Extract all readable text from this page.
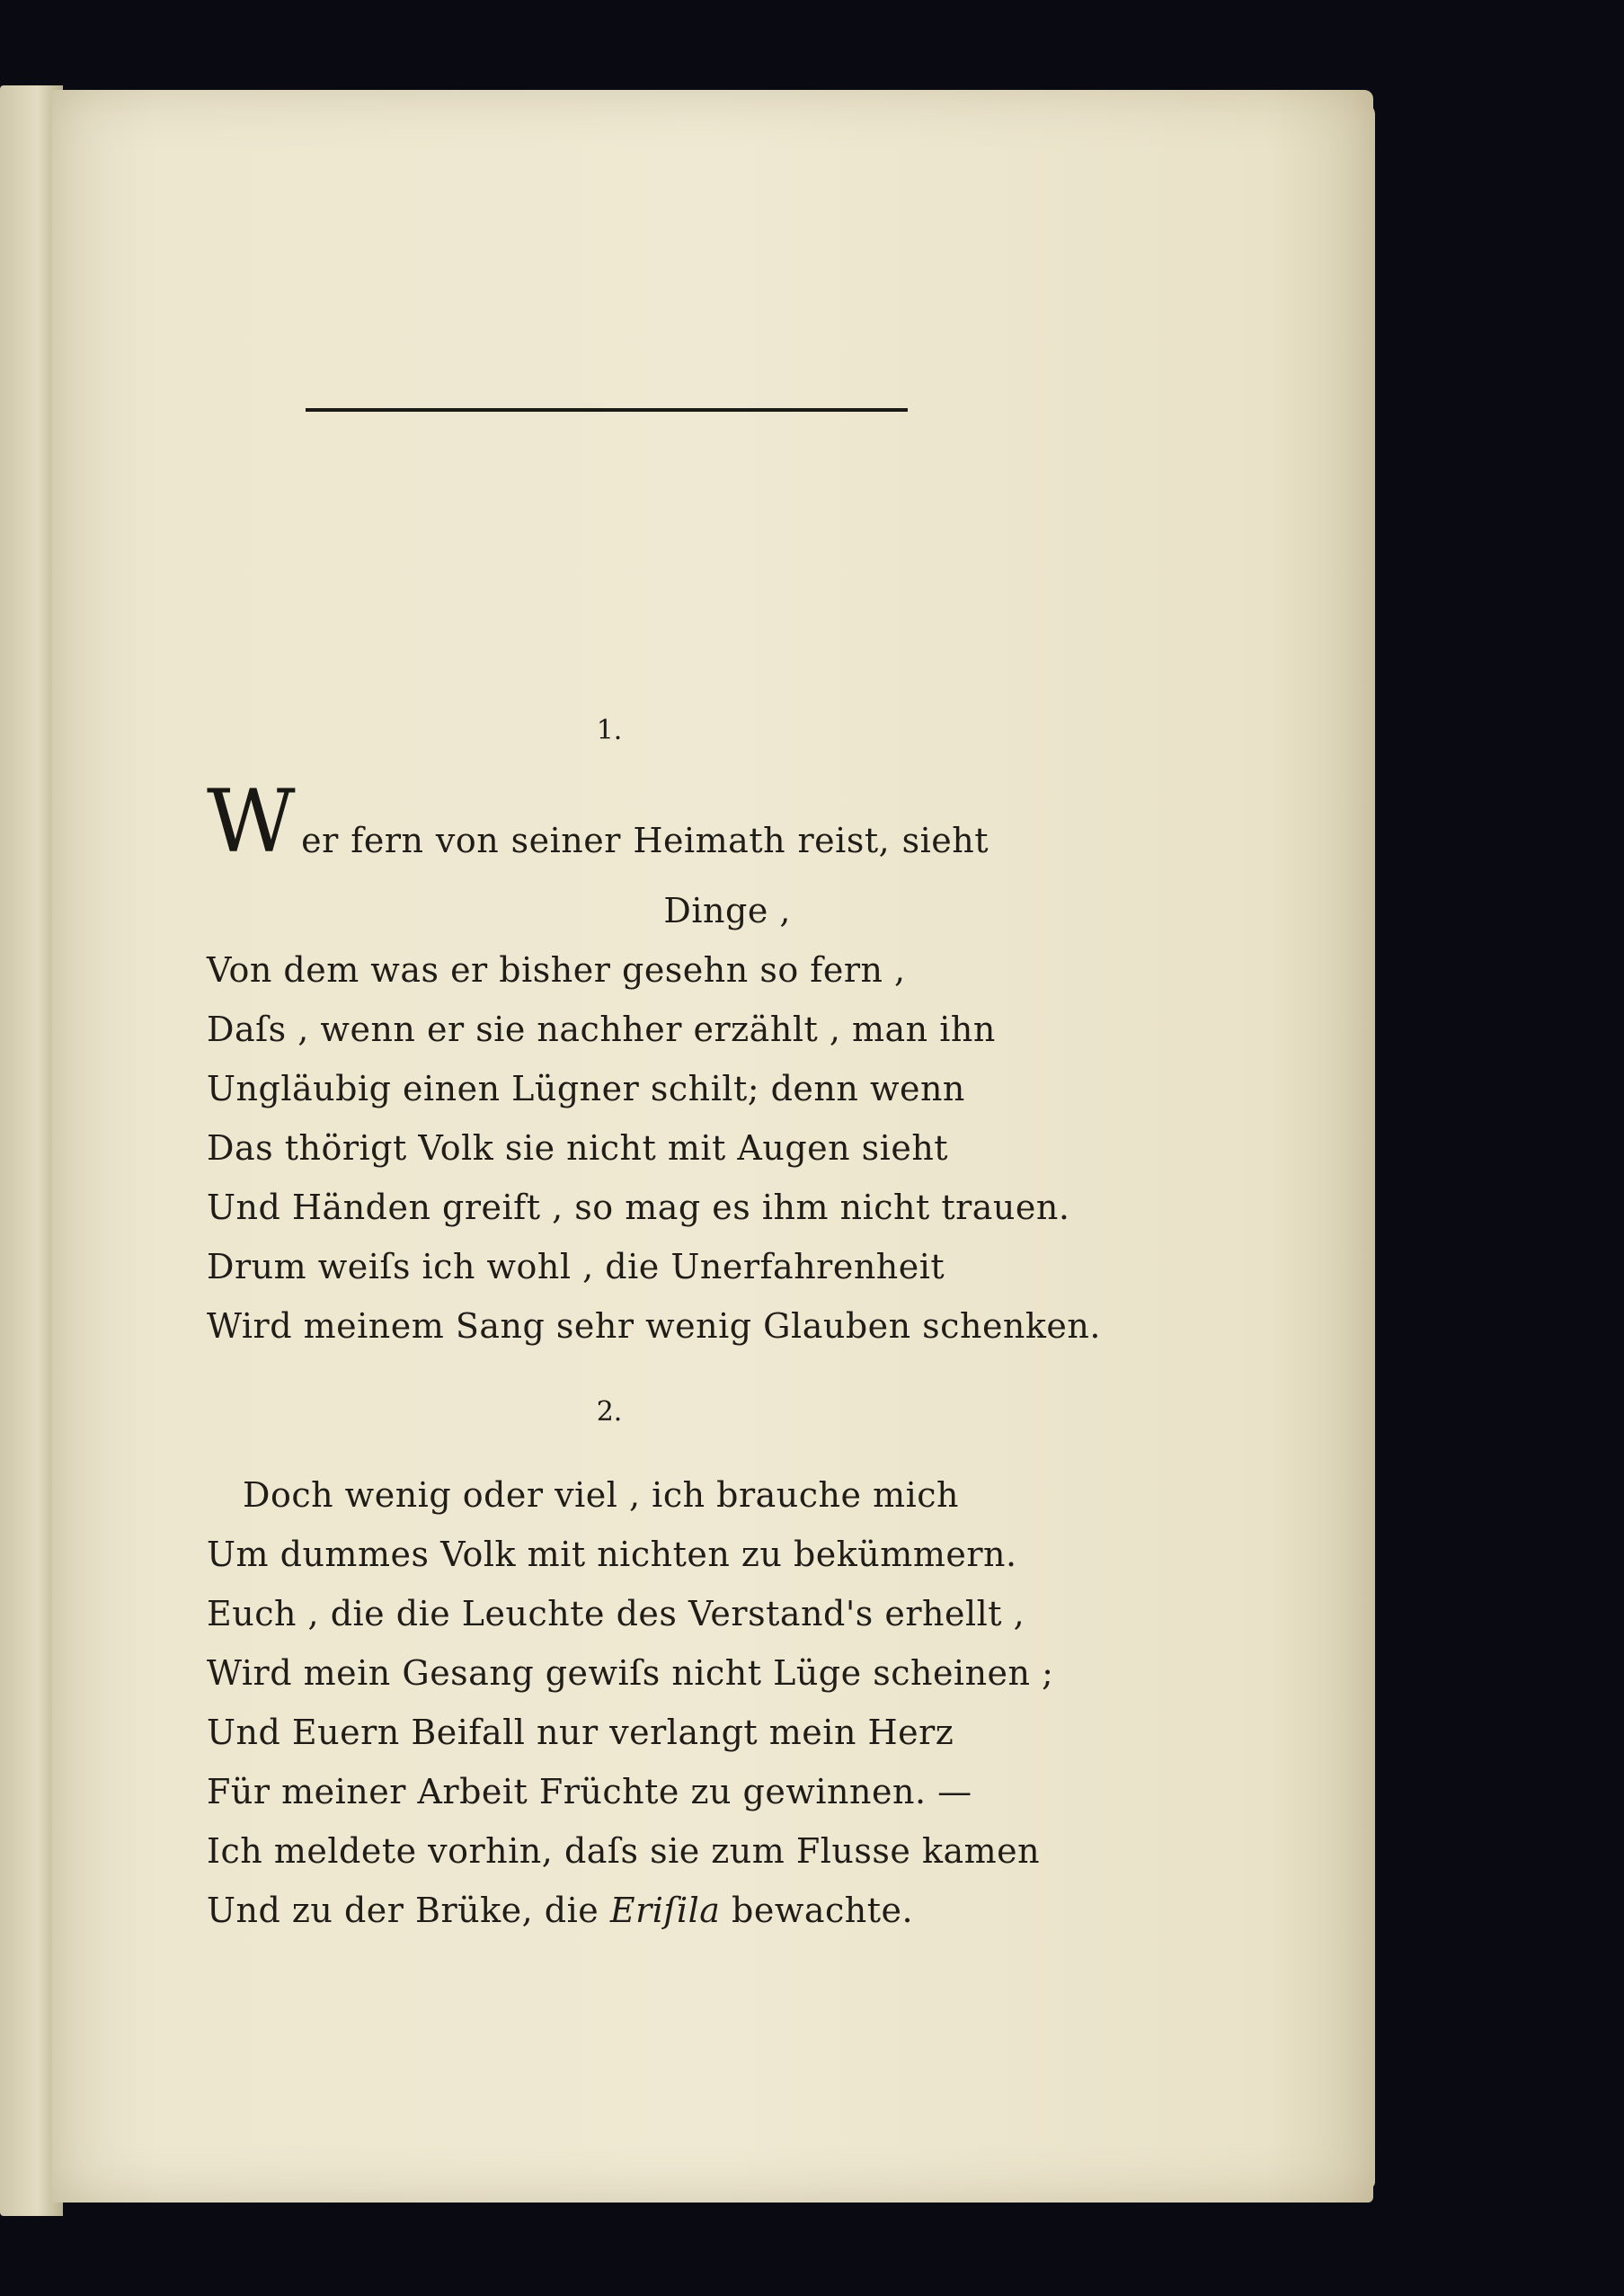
1.
Wer fern von seiner Heimath reist, sieht
Dinge ,
Von dem was er bisher gesehn so fern ,
Daſs , wenn er sie nachher erzählt , man ihn
Ungläubig einen Lügner schilt; denn wenn
Das thörigt Volk sie nicht mit Augen sieht
Und Händen greift , so mag es ihm nicht trauen.
Drum weiſs ich wohl , die Unerfahrenheit
Wird meinem Sang sehr wenig Glauben schenken.
2.
Doch wenig oder viel , ich brauche mich
Um dummes Volk mit nichten zu bekümmern.
Euch , die die Leuchte des Verstand's erhellt ,
Wird mein Gesang gewiſs nicht Lüge scheinen ;
Und Euern Beifall nur verlangt mein Herz
Für meiner Arbeit Früchte zu gewinnen. —
Ich meldete vorhin, daſs sie zum Flusse kamen
Und zu der Brüke, die Eriſila bewachte.
